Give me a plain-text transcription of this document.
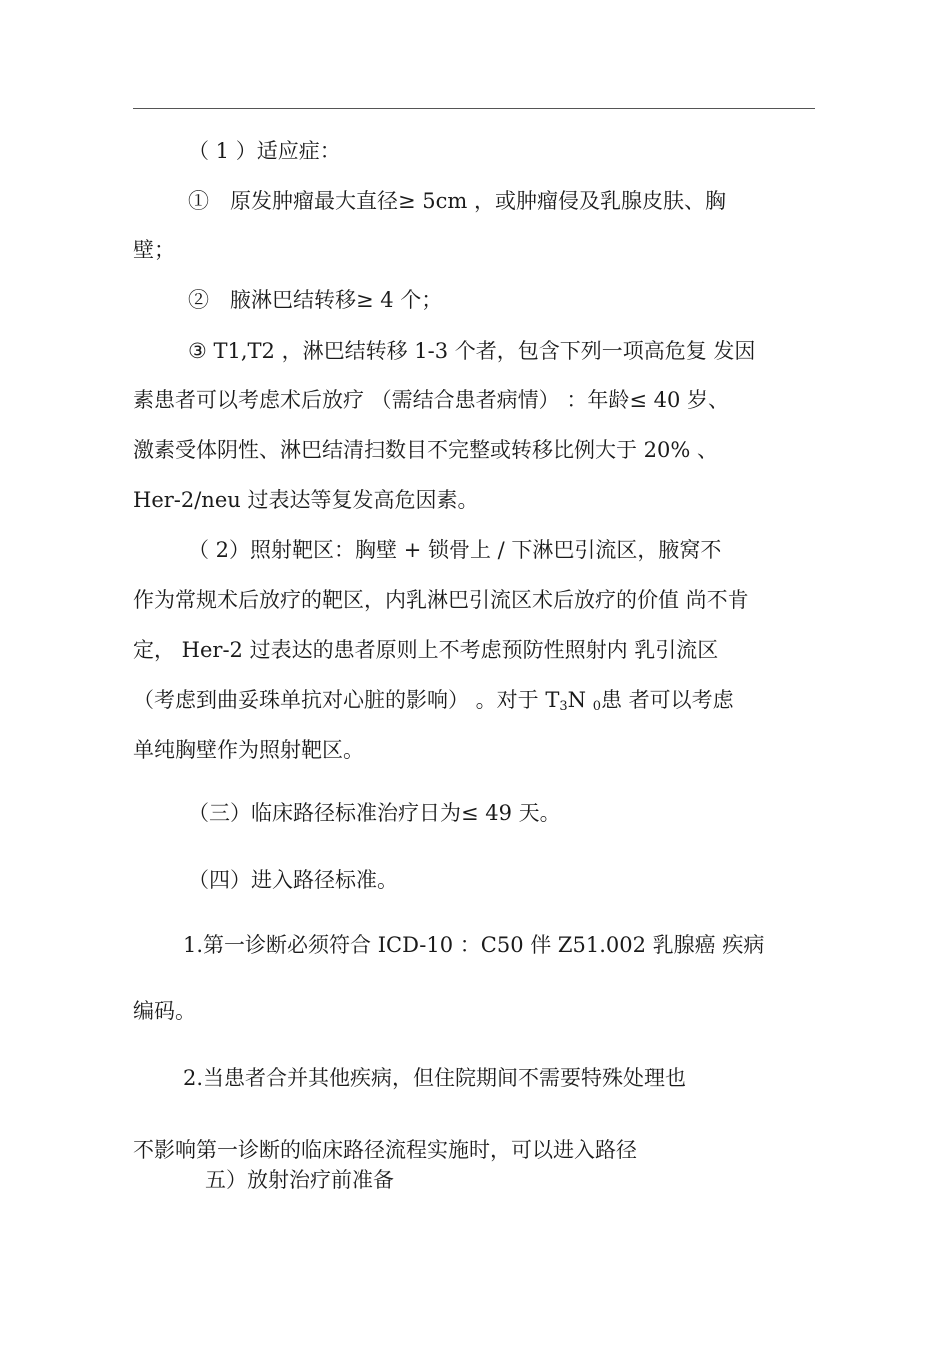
（ 1 ）适应症：
①　原发肿瘤最大直径≥ 5cm ，或肿瘤侵及乳腺皮肤、胸
壁；
②　腋淋巴结转移≥ 4 个；
③ T1,T2 ，淋巴结转移 1-3 个者，包含下列一项高危复 发因
素患者可以考虑术后放疗 （需结合患者病情） ：年龄≤ 40 岁、
激素受体阴性、淋巴结清扫数目不完整或转移比例大于 20% 、
Her-2/neu 过表达等复发高危因素。
（ 2）照射靶区：胸壁 + 锁骨上 / 下淋巴引流区，腋窝不
作为常规术后放疗的靶区，内乳淋巴引流区术后放疗的价值 尚不肯
定， Her-2 过表达的患者原则上不考虑预防性照射内 乳引流区
（考虑到曲妥珠单抗对心脏的影响） 。对于 $T_3N$ $_0$患 者可以考虑
单纯胸壁作为照射靶区。
（三）临床路径标准治疗日为≤ 49 天。
（四）进入路径标准。
1.第一诊断必须符合 ICD-10 ：C50 伴 Z51.002 乳腺癌 疾病
编码。
2.当患者合并其他疾病，但住院期间不需要特殊处理也
不影响第一诊断的临床路径流程实施时，可以进入路径
五）放射治疗前准备
